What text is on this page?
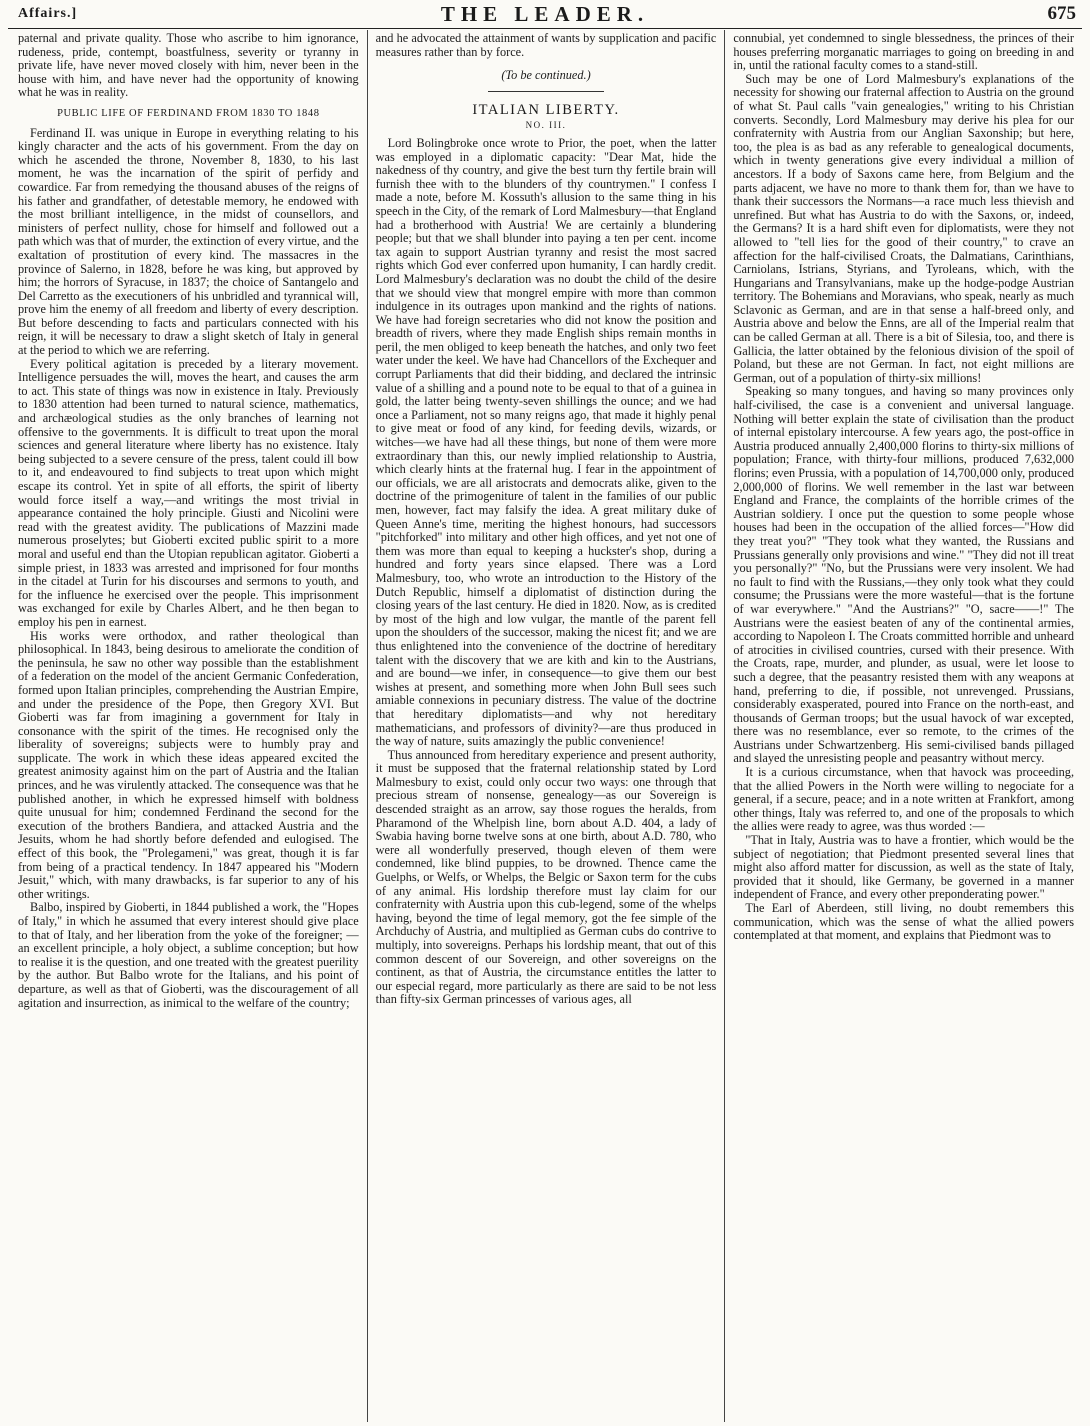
Affairs.]	THE LEADER.	675

paternal and private quality. Those who ascribe to him ignorance, rudeness, pride, contempt, boastfulness, severity or tyranny in private life, have never moved closely with him, never been in the house with him, and have never had the opportunity of knowing what he was in reality.

PUBLIC LIFE OF FERDINAND FROM 1830 TO 1848

Ferdinand II. was unique in Europe in everything relating to his kingly character and the acts of his government. From the day on which he ascended the throne, November 8, 1830, to his last moment, he was the incarnation of the spirit of perfidy and cowardice. Far from remedying the thousand abuses of the reigns of his father and grandfather, of detestable memory, he endowed with the most brilliant intelligence, in the midst of counsellors, and ministers of perfect nullity, chose for himself and followed out a path which was that of murder, the extinction of every virtue, and the exaltation of prostitution of every kind. The massacres in the province of Salerno, in 1828, before he was king, but approved by him; the horrors of Syracuse, in 1837; the choice of Santangelo and Del Carretto as the executioners of his unbridled and tyrannical will, prove him the enemy of all freedom and liberty of every description. But before descending to facts and particulars connected with his reign, it will be necessary to draw a slight sketch of Italy in general at the period to which we are referring.

Every political agitation is preceded by a literary movement. Intelligence persuades the will, moves the heart, and causes the arm to act. This state of things was now in existence in Italy. Previously to 1830 attention had been turned to natural science, mathematics, and archæological studies as the only branches of learning not offensive to the governments. It is difficult to treat upon the moral sciences and general literature where liberty has no existence. Italy being subjected to a severe censure of the press, talent could ill bow to it, and endeavoured to find subjects to treat upon which might escape its control. Yet in spite of all efforts, the spirit of liberty would force itself a way,—and writings the most trivial in appearance contained the holy principle. Giusti and Nicolini were read with the greatest avidity. The publications of Mazzini made numerous proselytes; but Gioberti excited public spirit to a more moral and useful end than the Utopian republican agitator. Gioberti a simple priest, in 1833 was arrested and imprisoned for four months in the citadel at Turin for his discourses and sermons to youth, and for the influence he exercised over the people. This imprisonment was exchanged for exile by Charles Albert, and he then began to employ his pen in earnest.

His works were orthodox, and rather theological than philosophical. In 1843, being desirous to ameliorate the condition of the peninsula, he saw no other way possible than the establishment of a federation on the model of the ancient Germanic Confederation, formed upon Italian principles, comprehending the Austrian Empire, and under the presidence of the Pope, then Gregory XVI. But Gioberti was far from imagining a government for Italy in consonance with the spirit of the times. He recognised only the liberality of sovereigns; subjects were to humbly pray and supplicate. The work in which these ideas appeared excited the greatest animosity against him on the part of Austria and the Italian princes, and he was virulently attacked. The consequence was that he published another, in which he expressed himself with boldness quite unusual for him; condemned Ferdinand the second for the execution of the brothers Bandiera, and attacked Austria and the Jesuits, whom he had shortly before defended and eulogised. The effect of this book, the "Prolegameni," was great, though it is far from being of a practical tendency. In 1847 appeared his "Modern Jesuit," which, with many drawbacks, is far superior to any of his other writings.

Balbo, inspired by Gioberti, in 1844 published a work, the "Hopes of Italy," in which he assumed that every interest should give place to that of Italy, and her liberation from the yoke of the foreigner; —an excellent principle, a holy object, a sublime conception; but how to realise it is the question, and one treated with the greatest puerility by the author. But Balbo wrote for the Italians, and his point of departure, as well as that of Gioberti, was the discouragement of all agitation and insurrection, as inimical to the welfare of the country;

and he advocated the attainment of wants by supplication and pacific measures rather than by force.

(To be continued.)

ITALIAN LIBERTY.

NO. III.

Lord Bolingbroke once wrote to Prior, the poet, when the latter was employed in a diplomatic capacity: "Dear Mat, hide the nakedness of thy country, and give the best turn thy fertile brain will furnish thee with to the blunders of thy countrymen." I confess I made a note, before M. Kossuth's allusion to the same thing in his speech in the City, of the remark of Lord Malmesbury—that England had a brotherhood with Austria! We are certainly a blundering people; but that we shall blunder into paying a ten per cent. income tax again to support Austrian tyranny and resist the most sacred rights which God ever conferred upon humanity, I can hardly credit. Lord Malmesbury's declaration was no doubt the child of the desire that we should view that mongrel empire with more than common indulgence in its outrages upon mankind and the rights of nations. We have had foreign secretaries who did not know the position and breadth of rivers, where they made English ships remain months in peril, the men obliged to keep beneath the hatches, and only two feet water under the keel. We have had Chancellors of the Exchequer and corrupt Parliaments that did their bidding, and declared the intrinsic value of a shilling and a pound note to be equal to that of a guinea in gold, the latter being twenty-seven shillings the ounce; and we had once a Parliament, not so many reigns ago, that made it highly penal to give meat or food of any kind, for feeding devils, wizards, or witches—we have had all these things, but none of them were more extraordinary than this, our newly implied relationship to Austria, which clearly hints at the fraternal hug. I fear in the appointment of our officials, we are all aristocrats and democrats alike, given to the doctrine of the primogeniture of talent in the families of our public men, however, fact may falsify the idea. A great military duke of Queen Anne's time, meriting the highest honours, had successors "pitchforked" into military and other high offices, and yet not one of them was more than equal to keeping a huckster's shop, during a hundred and forty years since elapsed. There was a Lord Malmesbury, too, who wrote an introduction to the History of the Dutch Republic, himself a diplomatist of distinction during the closing years of the last century. He died in 1820. Now, as is credited by most of the high and low vulgar, the mantle of the parent fell upon the shoulders of the successor, making the nicest fit; and we are thus enlightened into the convenience of the doctrine of hereditary talent with the discovery that we are kith and kin to the Austrians, and are bound—we infer, in consequence—to give them our best wishes at present, and something more when John Bull sees such amiable connexions in pecuniary distress. The value of the doctrine that hereditary diplomatists—and why not hereditary mathematicians, and professors of divinity?—are thus produced in the way of nature, suits amazingly the public convenience!

Thus announced from hereditary experience and present authority, it must be supposed that the fraternal relationship stated by Lord Malmesbury to exist, could only occur two ways: one through that precious stream of nonsense, genealogy—as our Sovereign is descended straight as an arrow, say those rogues the heralds, from Pharamond of the Whelpish line, born about A.D. 404, a lady of Swabia having borne twelve sons at one birth, about A.D. 780, who were all wonderfully preserved, though eleven of them were condemned, like blind puppies, to be drowned. Thence came the Guelphs, or Welfs, or Whelps, the Belgic or Saxon term for the cubs of any animal. His lordship therefore must lay claim for our confraternity with Austria upon this cub-legend, some of the whelps having, beyond the time of legal memory, got the fee simple of the Archduchy of Austria, and multiplied as German cubs do contrive to multiply, into sovereigns. Perhaps his lordship meant, that out of this common descent of our Sovereign, and other sovereigns on the continent, as that of Austria, the circumstance entitles the latter to our especial regard, more particularly as there are said to be not less than fifty-six German princesses of various ages, all

connubial, yet condemned to single blessedness, the princes of their houses preferring morganatic marriages to going on breeding in and in, until the rational faculty comes to a stand-still.

Such may be one of Lord Malmesbury's explanations of the necessity for showing our fraternal affection to Austria on the ground of what St. Paul calls "vain genealogies," writing to his Christian converts. Secondly, Lord Malmesbury may derive his plea for our confraternity with Austria from our Anglian Saxonship; but here, too, the plea is as bad as any referable to genealogical documents, which in twenty generations give every individual a million of ancestors. If a body of Saxons came here, from Belgium and the parts adjacent, we have no more to thank them for, than we have to thank their successors the Normans—a race much less thievish and unrefined. But what has Austria to do with the Saxons, or, indeed, the Germans? It is a hard shift even for diplomatists, were they not allowed to "tell lies for the good of their country," to crave an affection for the half-civilised Croats, the Dalmatians, Carinthians, Carniolans, Istrians, Styrians, and Tyroleans, which, with the Hungarians and Transylvanians, make up the hodge-podge Austrian territory. The Bohemians and Moravians, who speak, nearly as much Sclavonic as German, and are in that sense a half-breed only, and Austria above and below the Enns, are all of the Imperial realm that can be called German at all. There is a bit of Silesia, too, and there is Gallicia, the latter obtained by the felonious division of the spoil of Poland, but these are not German. In fact, not eight millions are German, out of a population of thirty-six millions!

Speaking so many tongues, and having so many provinces only half-civilised, the case is a convenient and universal language. Nothing will better explain the state of civilisation than the product of internal epistolary intercourse. A few years ago, the post-office in Austria produced annually 2,400,000 florins to thirty-six millions of population; France, with thirty-four millions, produced 7,632,000 florins; even Prussia, with a population of 14,700,000 only, produced 2,000,000 of florins. We well remember in the last war between England and France, the complaints of the horrible crimes of the Austrian soldiery. I once put the question to some people whose houses had been in the occupation of the allied forces—"How did they treat you?" "They took what they wanted, the Russians and Prussians generally only provisions and wine." "They did not ill treat you personally?" "No, but the Prussians were very insolent. We had no fault to find with the Russians,—they only took what they could consume; the Prussians were the more wasteful—that is the fortune of war everywhere." "And the Austrians?" "O, sacre——!" The Austrians were the easiest beaten of any of the continental armies, according to Napoleon I. The Croats committed horrible and unheard of atrocities in civilised countries, cursed with their presence. With the Croats, rape, murder, and plunder, as usual, were let loose to such a degree, that the peasantry resisted them with any weapons at hand, preferring to die, if possible, not unrevenged. Prussians, considerably exasperated, poured into France on the north-east, and thousands of German troops; but the usual havock of war excepted, there was no resemblance, ever so remote, to the crimes of the Austrians under Schwartzenberg. His semi-civilised bands pillaged and slayed the unresisting people and peasantry without mercy.

It is a curious circumstance, when that havock was proceeding, that the allied Powers in the North were willing to negociate for a general, if a secure, peace; and in a note written at Frankfort, among other things, Italy was referred to, and one of the proposals to which the allies were ready to agree, was thus worded :—

"That in Italy, Austria was to have a frontier, which would be the subject of negotiation; that Piedmont presented several lines that might also afford matter for discussion, as well as the state of Italy, provided that it should, like Germany, be governed in a manner independent of France, and every other preponderating power."

The Earl of Aberdeen, still living, no doubt remembers this communication, which was the sense of what the allied powers contemplated at that moment, and explains that Piedmont was to
